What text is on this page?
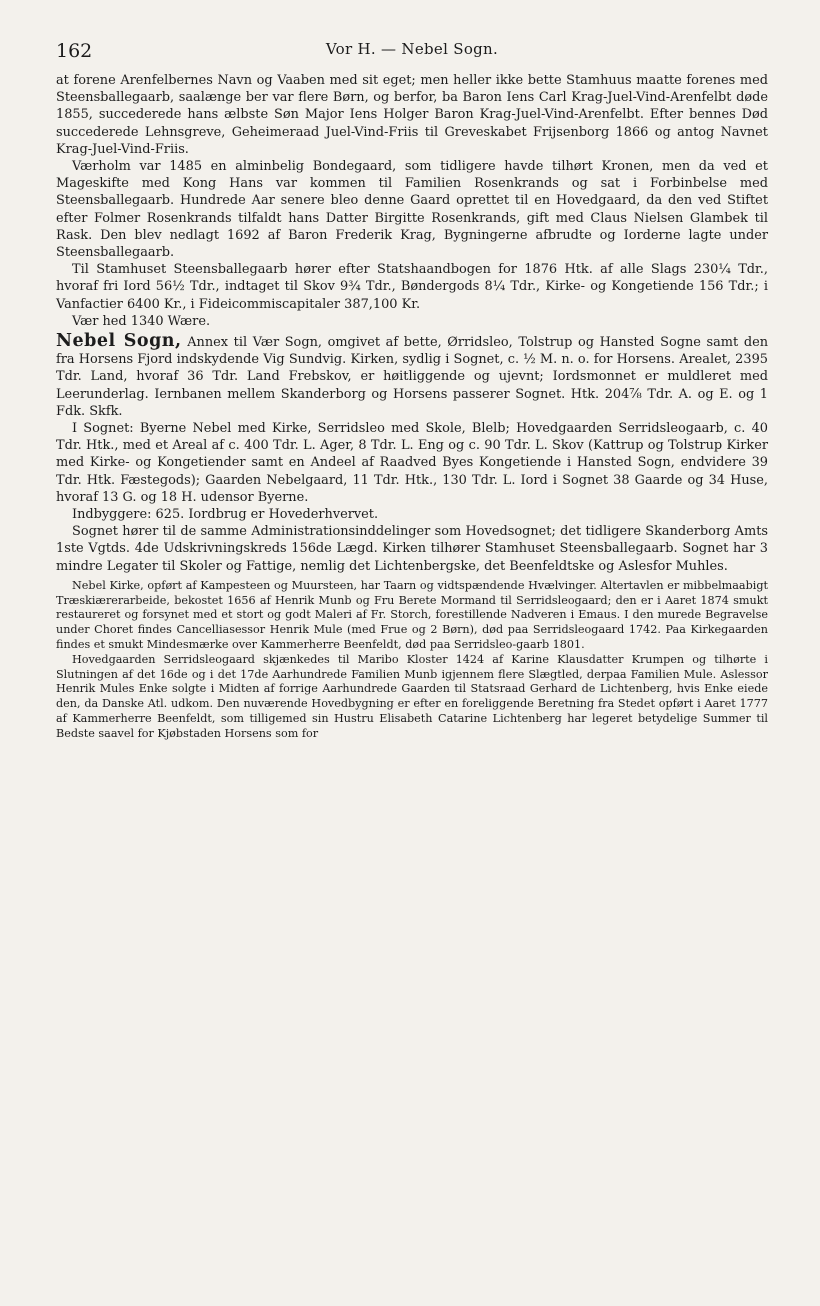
162	Vor H. — Nebel Sogn.

at forene Arenfelbernes Navn og Vaaben med sit eget; men heller ikke bette Stamhuus maatte forenes med Steensballegaarb, saalænge ber var flere Børn, og berfor, ba Baron Iens Carl Krag-Juel-Vind-Arenfelbt døde 1855, succederede hans ælbste Søn Major Iens Holger Baron Krag-Juel-Vind-Arenfelbt. Efter bennes Død succederede Lehnsgreve, Geheimeraad Juel-Vind-Friis til Greveskabet Frijsenborg 1866 og antog Navnet Krag-Juel-Vind-Friis.

Værholm var 1485 en alminbelig Bondegaard, som tidligere havde tilhørt Kronen, men da ved et Mageskifte med Kong Hans var kommen til Familien Rosenkrands og sat i Forbinbelse med Steensballegaarb. Hundrede Aar senere bleo denne Gaard oprettet til en Hovedgaard, da den ved Stiftet efter Folmer Rosenkrands tilfaldt hans Datter Birgitte Rosenkrands, gift med Claus Nielsen Glambek til Rask. Den blev nedlagt 1692 af Baron Frederik Krag, Bygningerne afbrudte og Iorderne lagte under Steensballegaarb.

Til Stamhuset Steensballegaarb hører efter Statshaandbogen for 1876 Htk. af alle Slags 230¼ Tdr., hvoraf fri Iord 56½ Tdr., indtaget til Skov 9¾ Tdr., Bøndergods 8¼ Tdr., Kirke- og Kongetiende 156 Tdr.; i Vanfactier 6400 Kr., i Fideicommiscapitaler 387,100 Kr.

Vær hed 1340 Wære.

Nebel Sogn, Annex til Vær Sogn, omgivet af bette, Ørridsleo, Tolstrup og Hansted Sogne samt den fra Horsens Fjord indskydende Vig Sundvig. Kirken, sydlig i Sognet, c. ½ M. n. o. for Horsens. Arealet, 2395 Tdr. Land, hvoraf 36 Tdr. Land Frebskov, er høitliggende og ujevnt; Iordsmonnet er muldleret med Leerunderlag. Iernbanen mellem Skanderborg og Horsens passerer Sognet. Htk. 204⅞ Tdr. A. og E. og 1 Fdk. Skfk.

I Sognet: Byerne Nebel med Kirke, Serridsleo med Skole, Blelb; Hovedgaarden Serridsleogaarb, c. 40 Tdr. Htk., med et Areal af c. 400 Tdr. L. Ager, 8 Tdr. L. Eng og c. 90 Tdr. L. Skov (Kattrup og Tolstrup Kirker med Kirke- og Kongetiender samt en Andeel af Raadved Byes Kongetiende i Hansted Sogn, endvidere 39 Tdr. Htk. Fæstegods); Gaarden Nebelgaard, 11 Tdr. Htk., 130 Tdr. L. Iord i Sognet 38 Gaarde og 34 Huse, hvoraf 13 G. og 18 H. udensor Byerne.

Indbyggere: 625. Iordbrug er Hovederhvervet.

Sognet hører til de samme Administrationsinddelinger som Hovedsognet; det tidligere Skanderborg Amts 1ste Vgtds. 4de Udskrivningskreds 156de Lægd. Kirken tilhører Stamhuset Steensballegaarb. Sognet har 3 mindre Legater til Skoler og Fattige, nemlig det Lichtenbergske, det Beenfeldtske og Aslesfor Muhles.

Nebel Kirke, opført af Kampesteen og Muursteen, har Taarn og vidtspændende Hvælvinger. Altertavlen er mibbelmaabigt Træskiærerarbeide, bekostet 1656 af Henrik Munb og Fru Berete Mormand til Serridsleogaard; den er i Aaret 1874 smukt restaureret og forsynet med et stort og godt Maleri af Fr. Storch, forestillende Nadveren i Emaus. I den murede Begravelse under Choret findes Cancelliasessor Henrik Mule (med Frue og 2 Børn), død paa Serridsleogaard 1742. Paa Kirkegaarden findes et smukt Mindesmærke over Kammerherre Beenfeldt, død paa Serridsleo-gaarb 1801.

Hovedgaarden Serridsleogaard skjænkedes til Maribo Kloster 1424 af Karine Klausdatter Krumpen og tilhørte i Slutningen af det 16de og i det 17de Aarhundrede Familien Munb igjennem flere Slægtled, derpaa Familien Mule. Aslessor Henrik Mules Enke solgte i Midten af forrige Aarhundrede Gaarden til Statsraad Gerhard de Lichtenberg, hvis Enke eiede den, da Danske Atl. udkom. Den nuværende Hovedbygning er efter en foreliggende Beretning fra Stedet opført i Aaret 1777 af Kammerherre Beenfeldt, som tilligemed sin Hustru Elisabeth Catarine Lichtenberg har legeret betydelige Summer til Bedste saavel for Kjøbstaden Horsens som for
